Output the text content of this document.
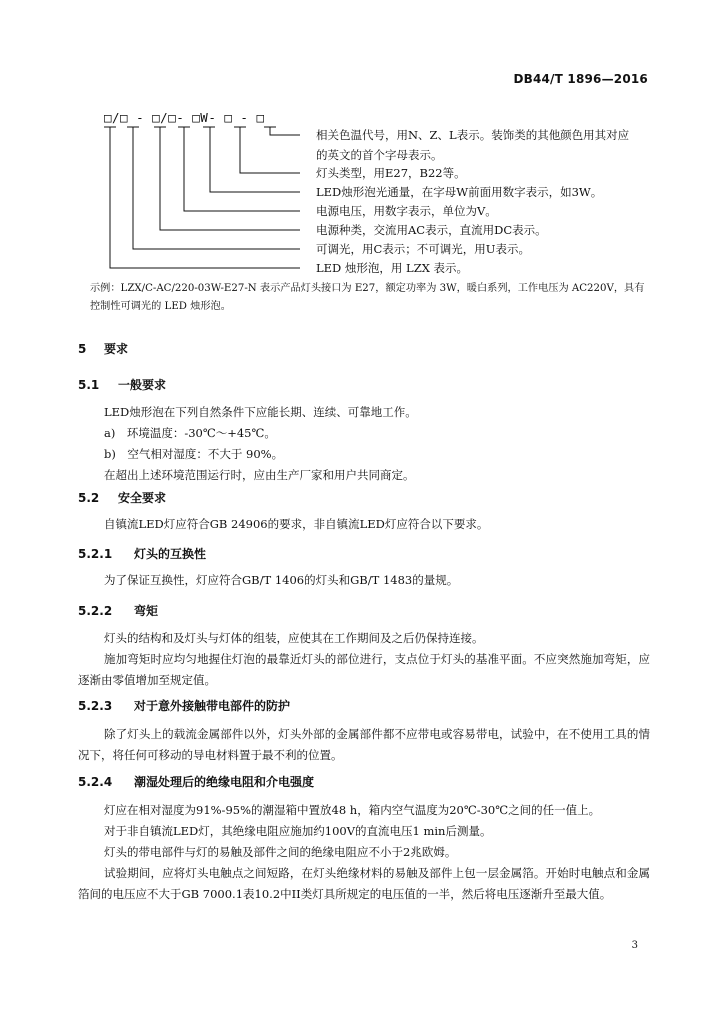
DB44/T 1896—2016
□/□ - □/□- □W- □ - □
相关色温代号，用N、Z、L表示。装饰类的其他颜色用其对应
的英文的首个字母表示。
灯头类型，用E27，B22等。
LED烛形泡光通量，在字母W前面用数字表示，如3W。
电源电压，用数字表示，单位为V。
电源种类，交流用AC表示，直流用DC表示。
可调光，用C表示；不可调光，用U表示。
LED 烛形泡，用 LZX 表示。
示例：LZX/C-AC/220-03W-E27-N 表示产品灯头接口为 E27，额定功率为 3W，暖白系列，工作电压为 AC220V，具有控制性可调光的 LED 烛形泡。
5 要求
5.1 一般要求
LED烛形泡在下列自然条件下应能长期、连续、可靠地工作。
a)　环境温度：-30℃～+45℃。
b)　空气相对湿度：不大于 90%。
在超出上述环境范围运行时，应由生产厂家和用户共同商定。
5.2 安全要求
自镇流LED灯应符合GB 24906的要求，非自镇流LED灯应符合以下要求。
5.2.1 灯头的互换性
为了保证互换性，灯应符合GB/T 1406的灯头和GB/T 1483的量规。
5.2.2 弯矩
灯头的结构和及灯头与灯体的组装，应使其在工作期间及之后仍保持连接。
施加弯矩时应均匀地握住灯泡的最靠近灯头的部位进行，支点位于灯头的基准平面。不应突然施加弯矩，应逐渐由零值增加至规定值。
5.2.3 对于意外接触带电部件的防护
除了灯头上的载流金属部件以外，灯头外部的金属部件都不应带电或容易带电，试验中，在不使用工具的情况下，将任何可移动的导电材料置于最不利的位置。
5.2.4 潮湿处理后的绝缘电阻和介电强度
灯应在相对湿度为91%-95%的潮湿箱中置放48 h，箱内空气温度为20℃-30℃之间的任一值上。
对于非自镇流LED灯，其绝缘电阻应施加约100V的直流电压1 min后测量。
灯头的带电部件与灯的易触及部件之间的绝缘电阻应不小于2兆欧姆。
试验期间，应将灯头电触点之间短路，在灯头绝缘材料的易触及部件上包一层金属箔。开始时电触点和金属箔间的电压应不大于GB 7000.1表10.2中II类灯具所规定的电压值的一半，然后将电压逐渐升至最大值。
3
